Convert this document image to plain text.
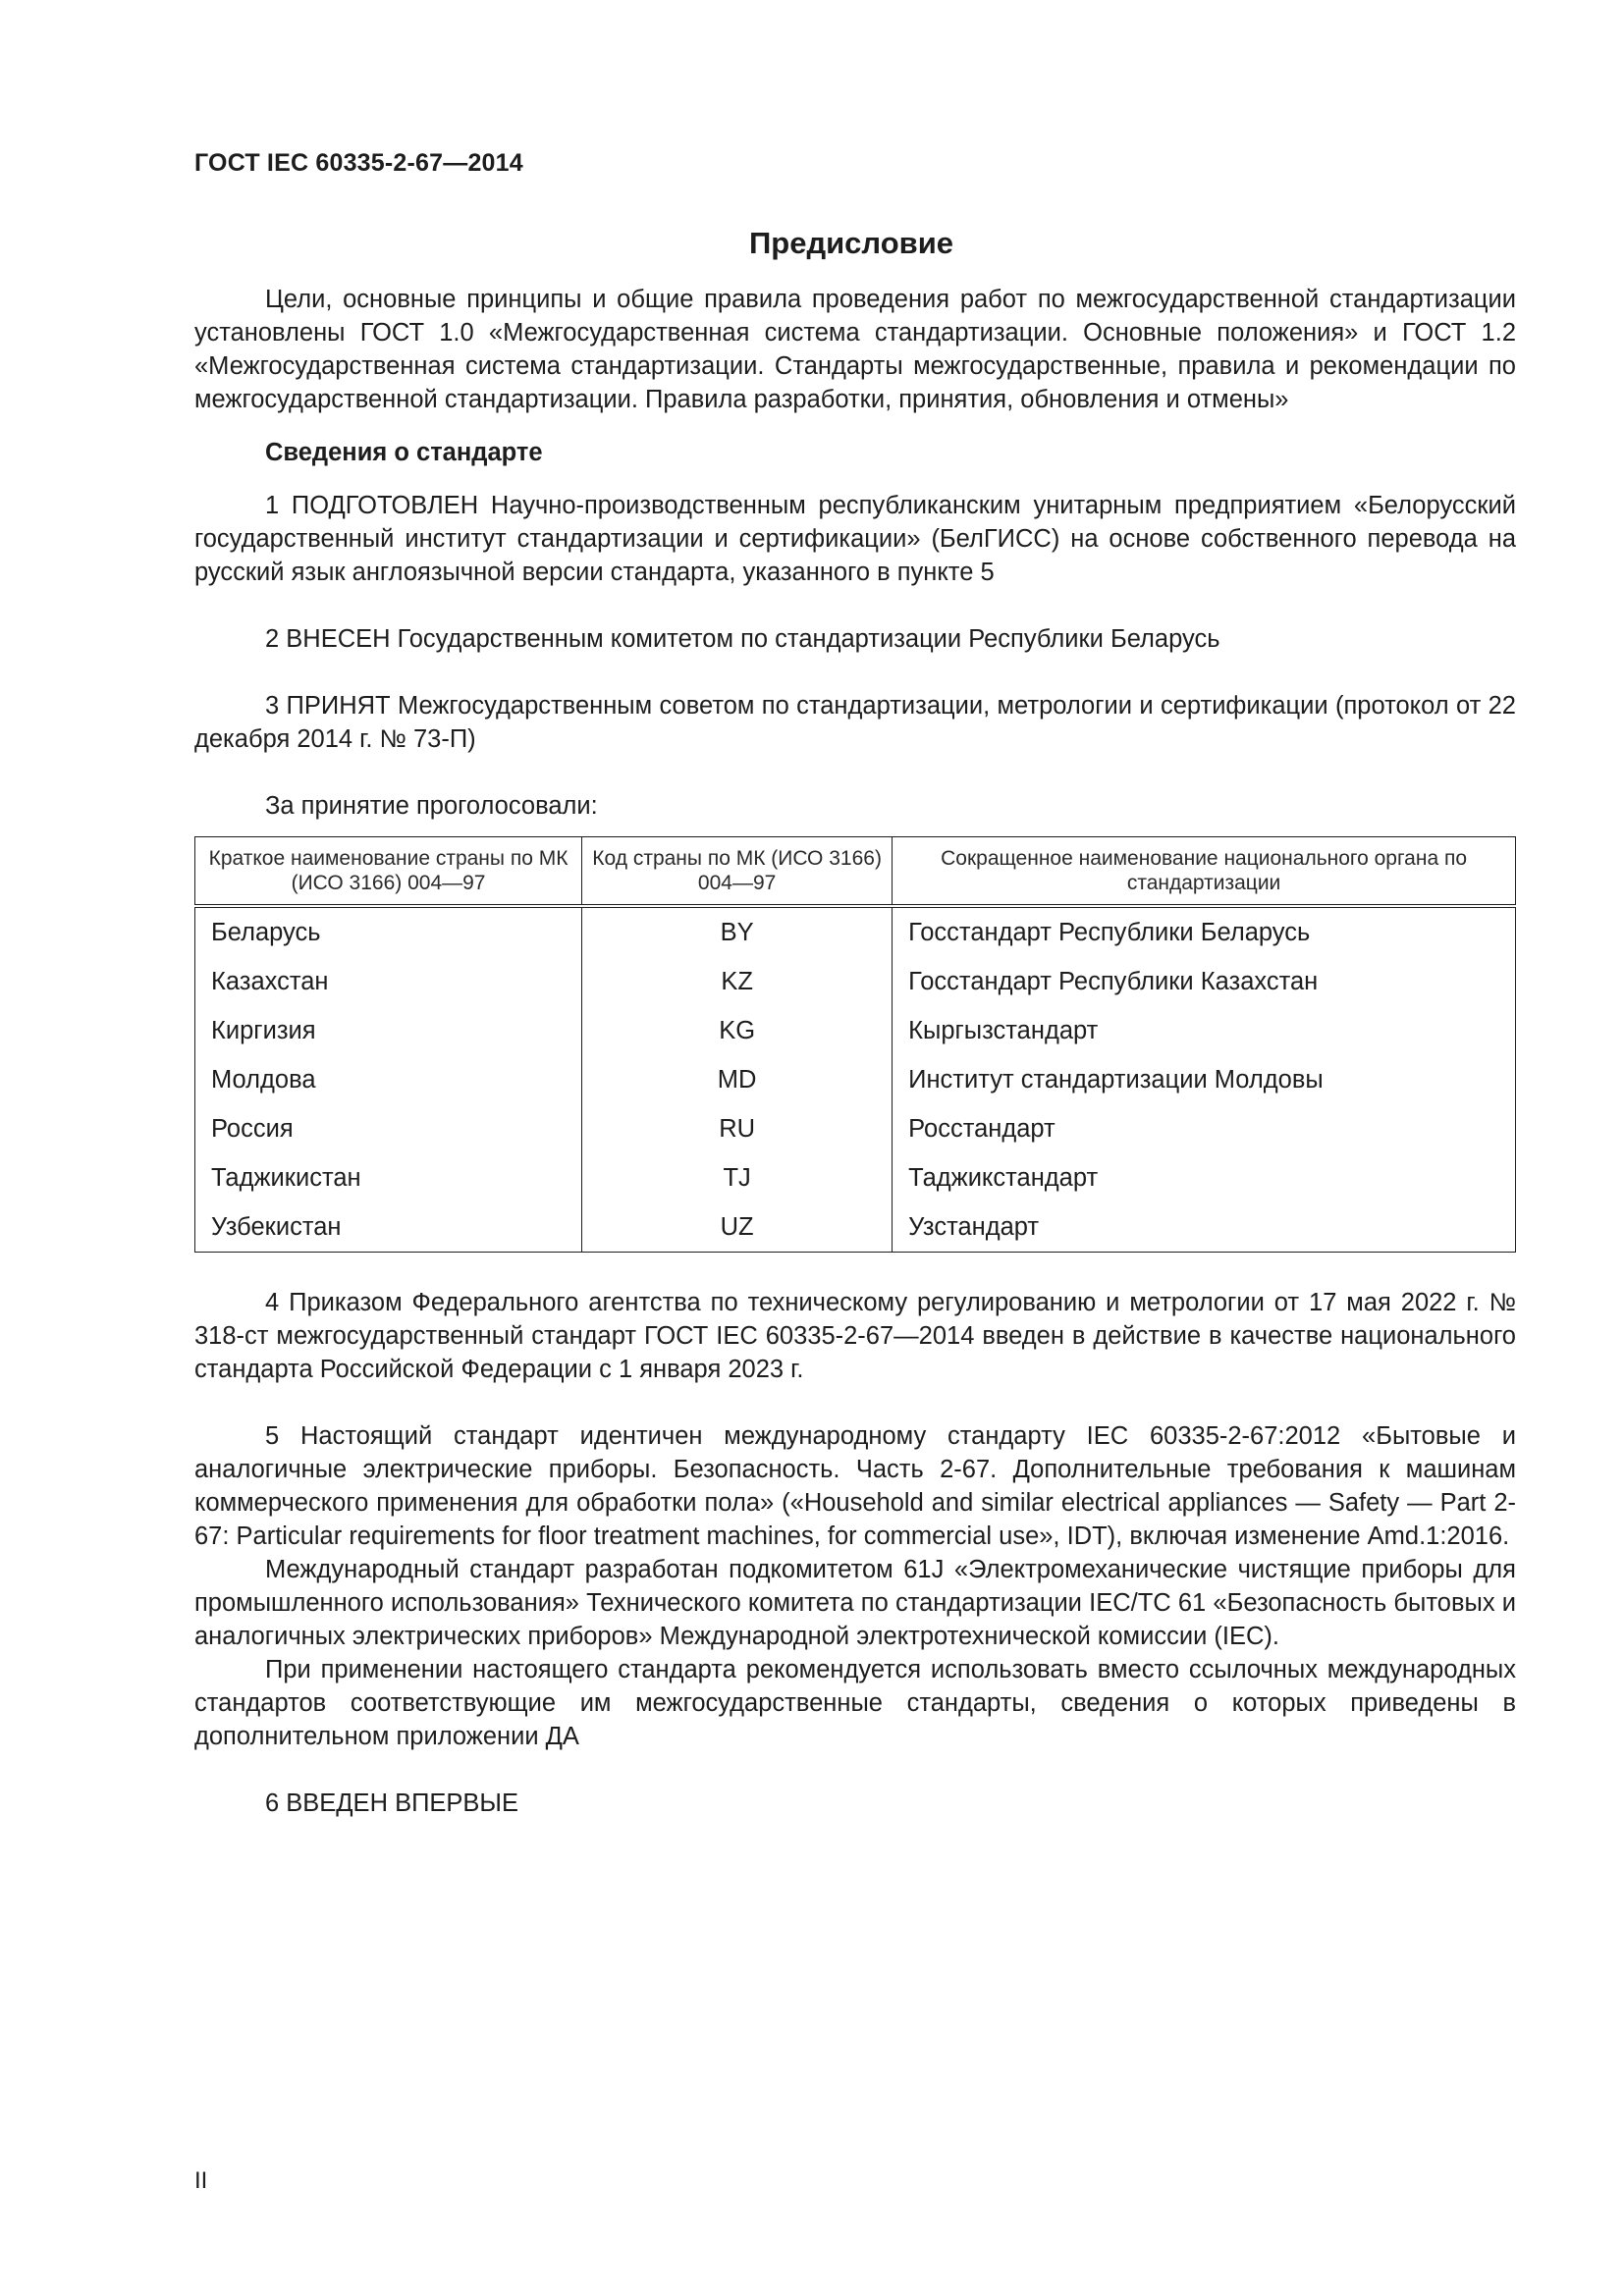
ГОСТ IEC 60335-2-67—2014
Предисловие

Цели, основные принципы и общие правила проведения работ по межгосударственной стандартизации установлены ГОСТ 1.0 «Межгосударственная система стандартизации. Основные положения» и ГОСТ 1.2 «Межгосударственная система стандартизации. Стандарты межгосударственные, правила и рекомендации по межгосударственной стандартизации. Правила разработки, принятия, обновления и отмены»

Сведения о стандарте

1 ПОДГОТОВЛЕН Научно-производственным республиканским унитарным предприятием «Белорусский государственный институт стандартизации и сертификации» (БелГИСС) на основе собственного перевода на русский язык англоязычной версии стандарта, указанного в пункте 5

2 ВНЕСЕН Государственным комитетом по стандартизации Республики Беларусь

3 ПРИНЯТ Межгосударственным советом по стандартизации, метрологии и сертификации (протокол от 22 декабря 2014 г. № 73-П)

За принятие проголосовали:

Краткое наименование страны по МК (ИСО 3166) 004—97	Код страны по МК (ИСО 3166) 004—97	Сокращенное наименование национального органа по стандартизации
Беларусь	BY	Госстандарт Республики Беларусь
Казахстан	KZ	Госстандарт Республики Казахстан
Киргизия	KG	Кыргызстандарт
Молдова	MD	Институт стандартизации Молдовы
Россия	RU	Росстандарт
Таджикистан	TJ	Таджикстандарт
Узбекистан	UZ	Узстандарт

4 Приказом Федерального агентства по техническому регулированию и метрологии от 17 мая 2022 г. № 318-ст межгосударственный стандарт ГОСТ IEC 60335-2-67—2014 введен в действие в качестве национального стандарта Российской Федерации с 1 января 2023 г.

5 Настоящий стандарт идентичен международному стандарту IEC 60335-2-67:2012 «Бытовые и аналогичные электрические приборы. Безопасность. Часть 2-67. Дополнительные требования к машинам коммерческого применения для обработки пола» («Household and similar electrical appliances — Safety — Part 2-67: Particular requirements for floor treatment machines, for commercial use», IDT), включая изменение Amd.1:2016.

Международный стандарт разработан подкомитетом 61J «Электромеханические чистящие приборы для промышленного использования» Технического комитета по стандартизации IEC/TC 61 «Безопасность бытовых и аналогичных электрических приборов» Международной электротехнической комиссии (IEC).

При применении настоящего стандарта рекомендуется использовать вместо ссылочных международных стандартов соответствующие им межгосударственные стандарты, сведения о которых приведены в дополнительном приложении ДА

6 ВВЕДЕН ВПЕРВЫЕ

II
